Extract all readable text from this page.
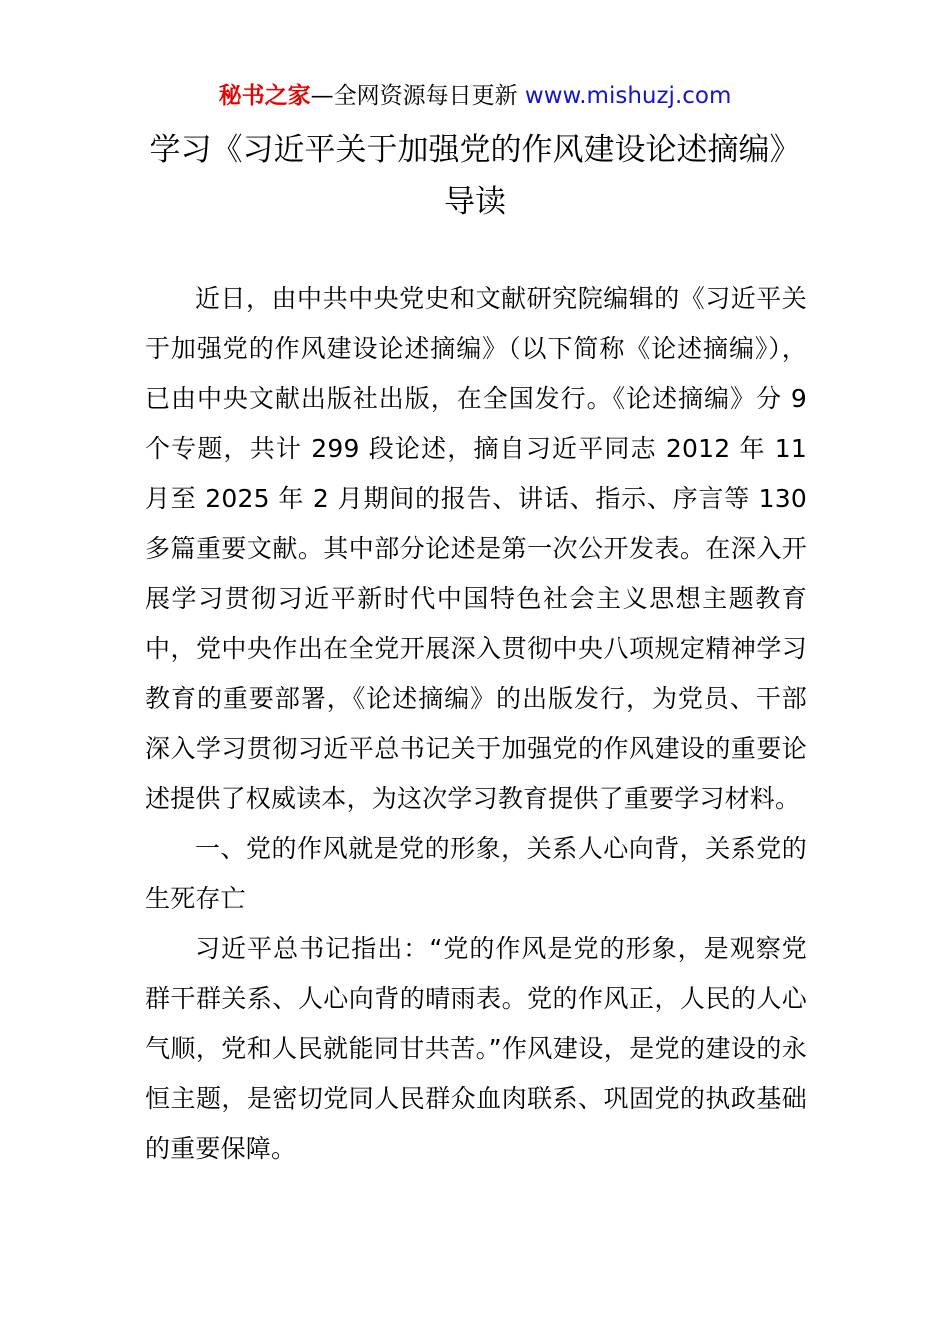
秘书之家—全网资源每日更新 www.mishuzj.com
学习《习近平关于加强党的作风建设论述摘编》导读

近日，由中共中央党史和文献研究院编辑的《习近平关于加强党的作风建设论述摘编》（以下简称《论述摘编》），已由中央文献出版社出版，在全国发行。《论述摘编》分 9 个专题，共计 299 段论述，摘自习近平同志 2012 年 11 月至 2025 年 2 月期间的报告、讲话、指示、序言等 130 多篇重要文献。其中部分论述是第一次公开发表。在深入开展学习贯彻习近平新时代中国特色社会主义思想主题教育中，党中央作出在全党开展深入贯彻中央八项规定精神学习教育的重要部署，《论述摘编》的出版发行，为党员、干部深入学习贯彻习近平总书记关于加强党的作风建设的重要论述提供了权威读本，为这次学习教育提供了重要学习材料。

一、党的作风就是党的形象，关系人心向背，关系党的生死存亡

习近平总书记指出：“党的作风是党的形象，是观察党群干群关系、人心向背的晴雨表。党的作风正，人民的人心气顺，党和人民就能同甘共苦。”作风建设，是党的建设的永恒主题，是密切党同人民群众血肉联系、巩固党的执政基础的重要保障。
